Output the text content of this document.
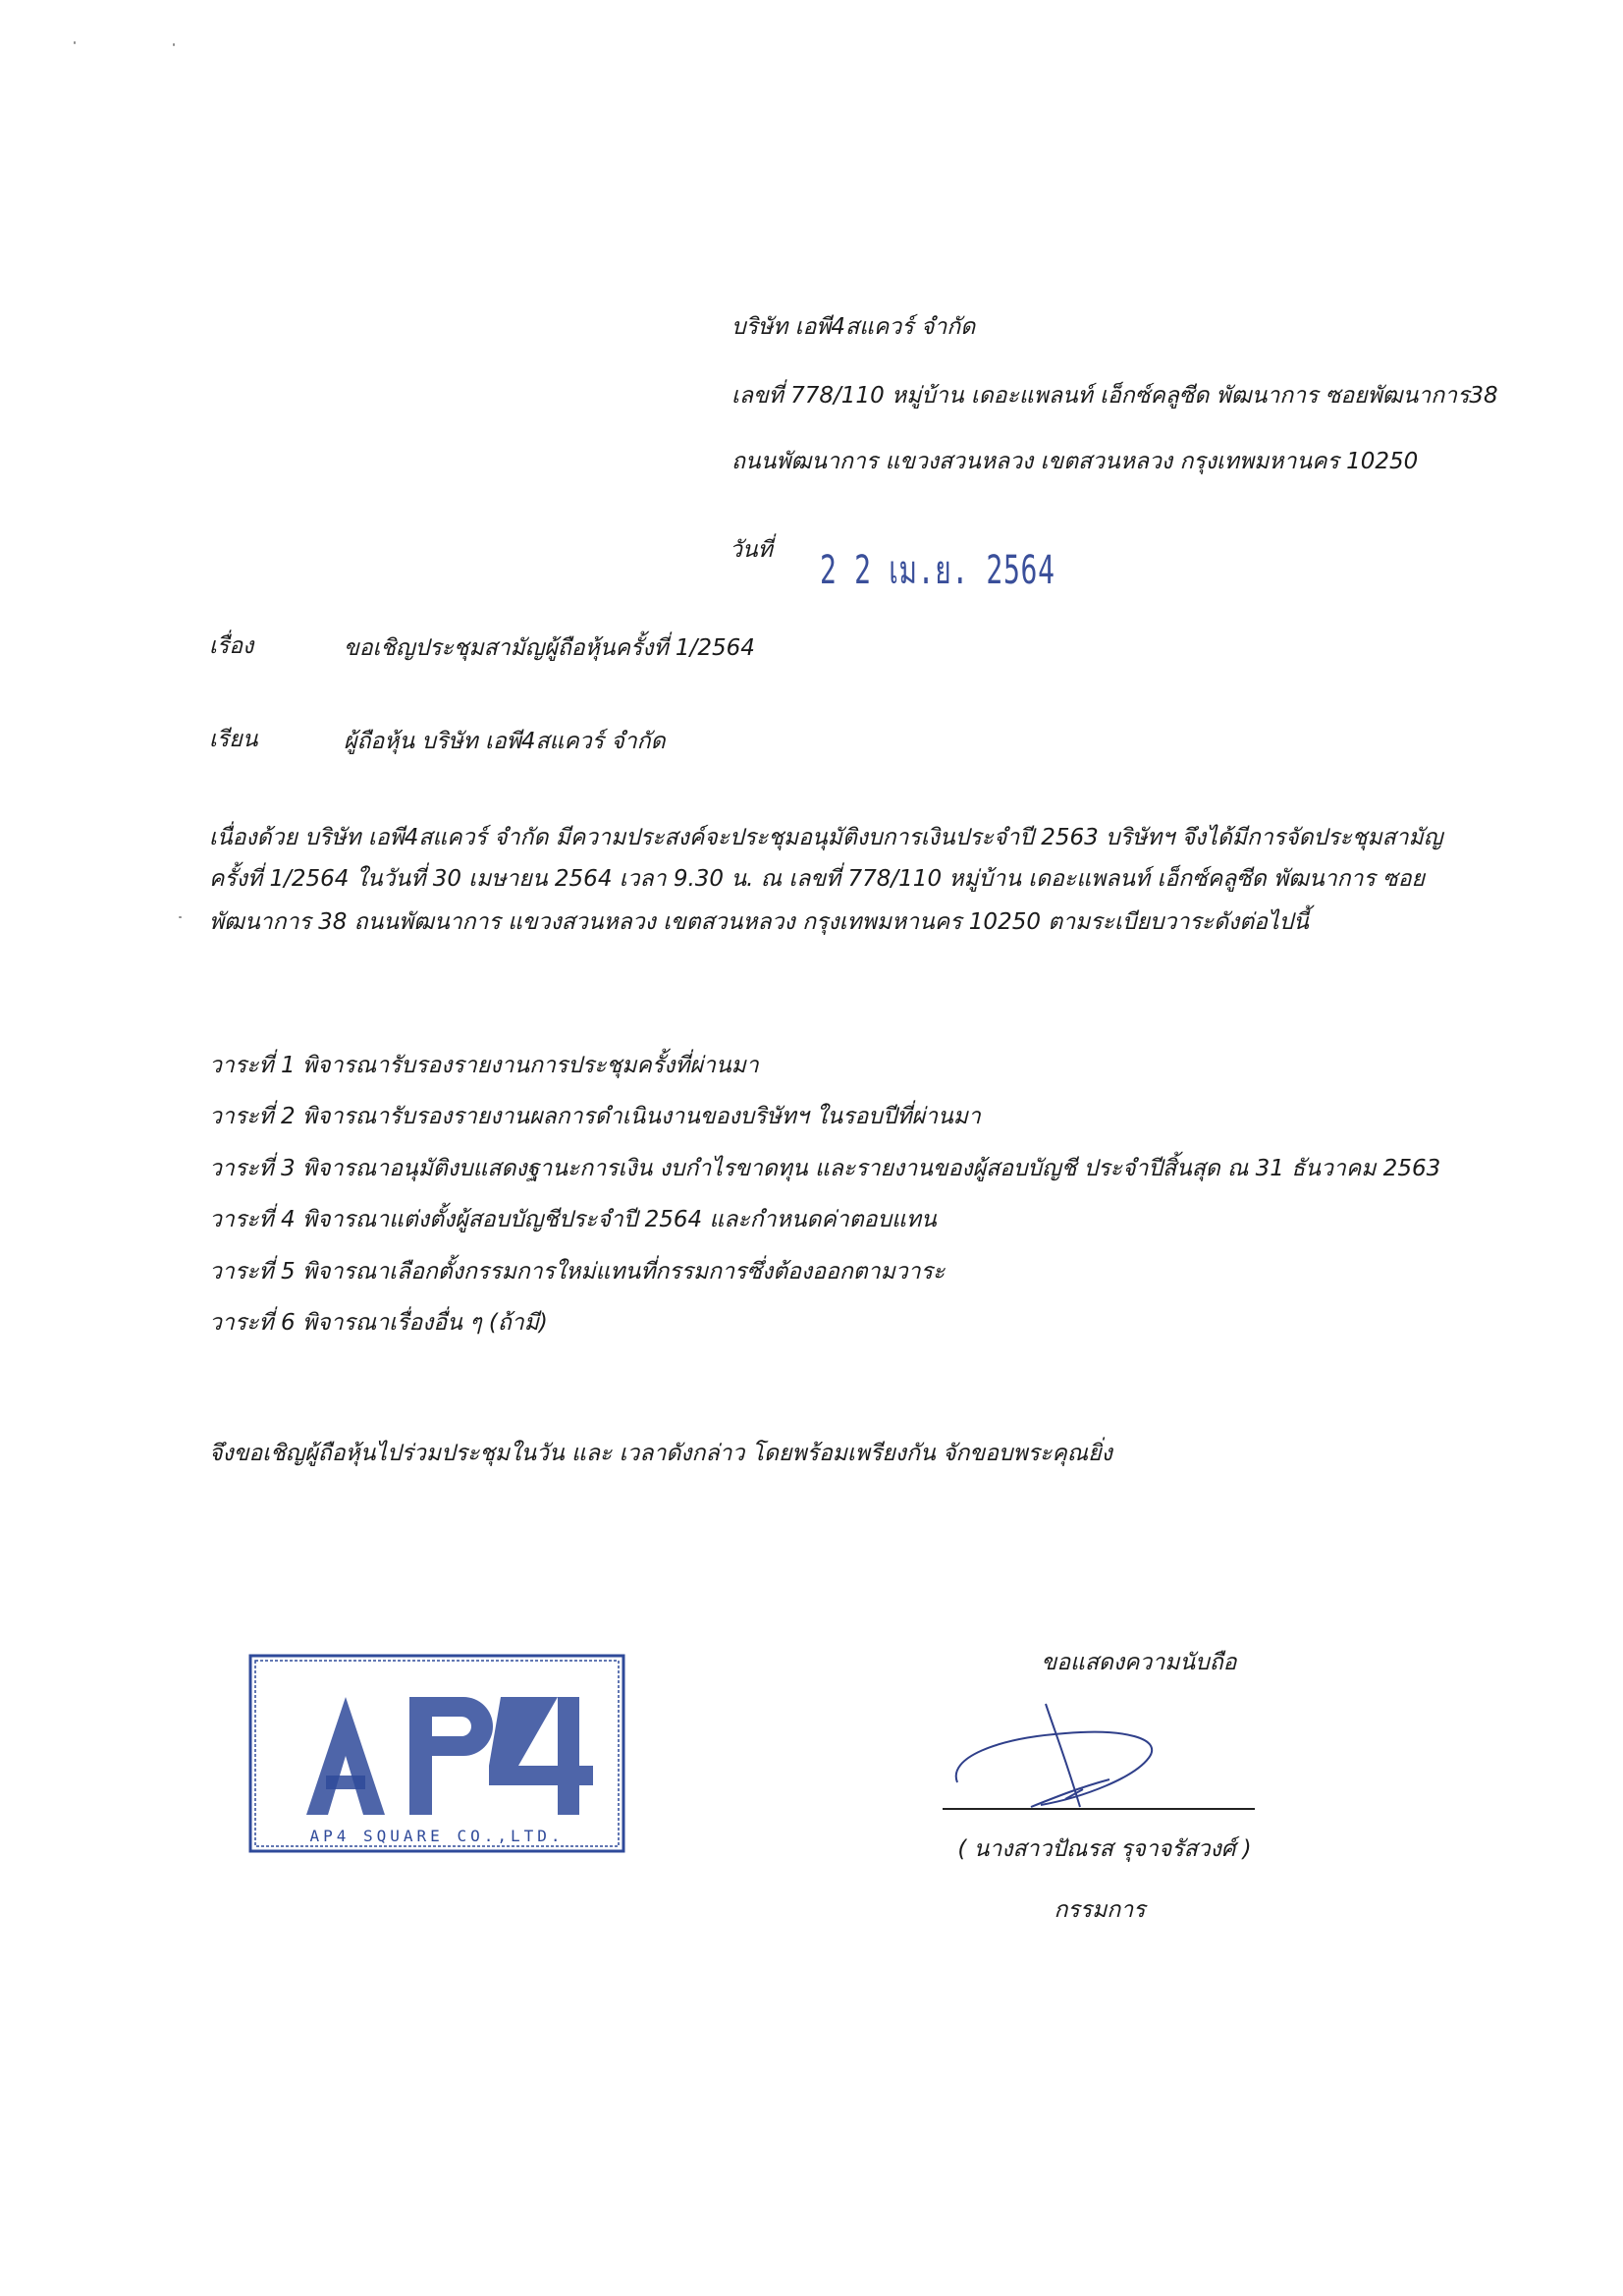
บริษัท เอพี4สแควร์ จำกัด
เลขที่ 778/110 หมู่บ้าน เดอะแพลนท์ เอ็กซ์คลูซีด พัฒนาการ ซอยพัฒนาการ38
ถนนพัฒนาการ แขวงสวนหลวง เขตสวนหลวง กรุงเทพมหานคร 10250
วันที่ 2 2 เม.ย. 2564
เรื่อง	ขอเชิญประชุมสามัญผู้ถือหุ้นครั้งที่ 1/2564
เรียน	ผู้ถือหุ้น บริษัท เอพี4สแควร์ จำกัด
เนื่องด้วย บริษัท เอพี4สแควร์ จำกัด มีความประสงค์จะประชุมอนุมัติงบการเงินประจำปี 2563 บริษัทฯ จึงได้มีการจัดประชุมสามัญ
ครั้งที่ 1/2564 ในวันที่ 30 เมษายน 2564 เวลา 9.30 น. ณ เลขที่ 778/110 หมู่บ้าน เดอะแพลนท์ เอ็กซ์คลูซีด พัฒนาการ ซอย
พัฒนาการ 38 ถนนพัฒนาการ แขวงสวนหลวง เขตสวนหลวง กรุงเทพมหานคร 10250 ตามระเบียบวาระดังต่อไปนี้
วาระที่ 1 พิจารณารับรองรายงานการประชุมครั้งที่ผ่านมา
วาระที่ 2 พิจารณารับรองรายงานผลการดำเนินงานของบริษัทฯ ในรอบปีที่ผ่านมา
วาระที่ 3 พิจารณาอนุมัติงบแสดงฐานะการเงิน งบกำไรขาดทุน และรายงานของผู้สอบบัญชี ประจำปีสิ้นสุด ณ 31 ธันวาคม 2563
วาระที่ 4 พิจารณาแต่งตั้งผู้สอบบัญชีประจำปี 2564 และกำหนดค่าตอบแทน
วาระที่ 5 พิจารณาเลือกตั้งกรรมการใหม่แทนที่กรรมการซึ่งต้องออกตามวาระ
วาระที่ 6 พิจารณาเรื่องอื่น ๆ (ถ้ามี)
จึงขอเชิญผู้ถือหุ้นไปร่วมประชุมในวัน และ เวลาดังกล่าว โดยพร้อมเพรียงกัน จักขอบพระคุณยิ่ง
AP4 SQUARE CO.,LTD.
ขอแสดงความนับถือ
( นางสาวปัณรส รุจาจรัสวงศ์ )
กรรมการ
